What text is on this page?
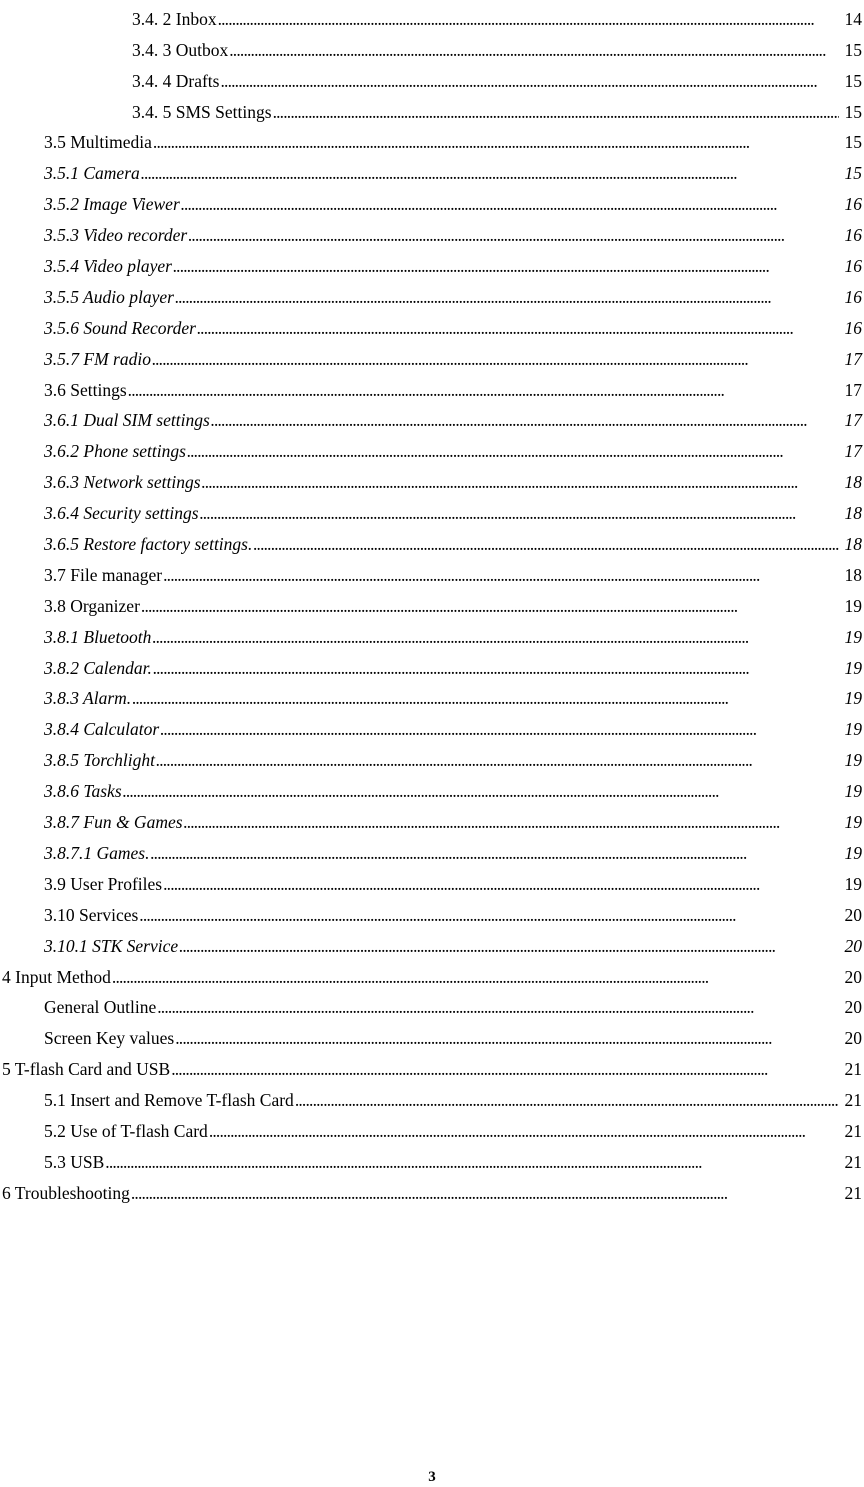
3.4. 2 Inbox . . .	14
3.4. 3 Outbox . . .	15
3.4. 4 Drafts . . .	15
3.4. 5 SMS Settings . . .	15
3.5 Multimedia . . .	15
3.5.1 Camera . . .	15
3.5.2 Image Viewer . . .	16
3.5.3 Video recorder . . .	16
3.5.4 Video player . . .	16
3.5.5 Audio player . . .	16
3.5.6 Sound Recorder . . .	16
3.5.7 FM radio . . .	17
3.6 Settings . . .	17
3.6.1 Dual SIM settings . . .	17
3.6.2 Phone settings . . .	17
3.6.3 Network settings . . .	18
3.6.4 Security settings . . .	18
3.6.5 Restore factory settings. . . .	18
3.7 File manager . . .	18
3.8 Organizer . . .	19
3.8.1 Bluetooth . . .	19
3.8.2 Calendar. . . .	19
3.8.3 Alarm. . . .	19
3.8.4 Calculator . . .	19
3.8.5 Torchlight . . .	19
3.8.6 Tasks . . .	19
3.8.7 Fun & Games . . .	19
3.8.7.1 Games. . . .	19
3.9 User Profiles . . .	19
3.10 Services . . .	20
3.10.1 STK Service . . .	20
4 Input Method . . .	20
General Outline . . .	20
Screen Key values . . .	20
5 T-flash Card and USB . . .	21
5.1 Insert and Remove T-flash Card . . .	21
5.2 Use of T-flash Card . . .	21
5.3 USB . . .	21
6 Troubleshooting . . .	21
3
